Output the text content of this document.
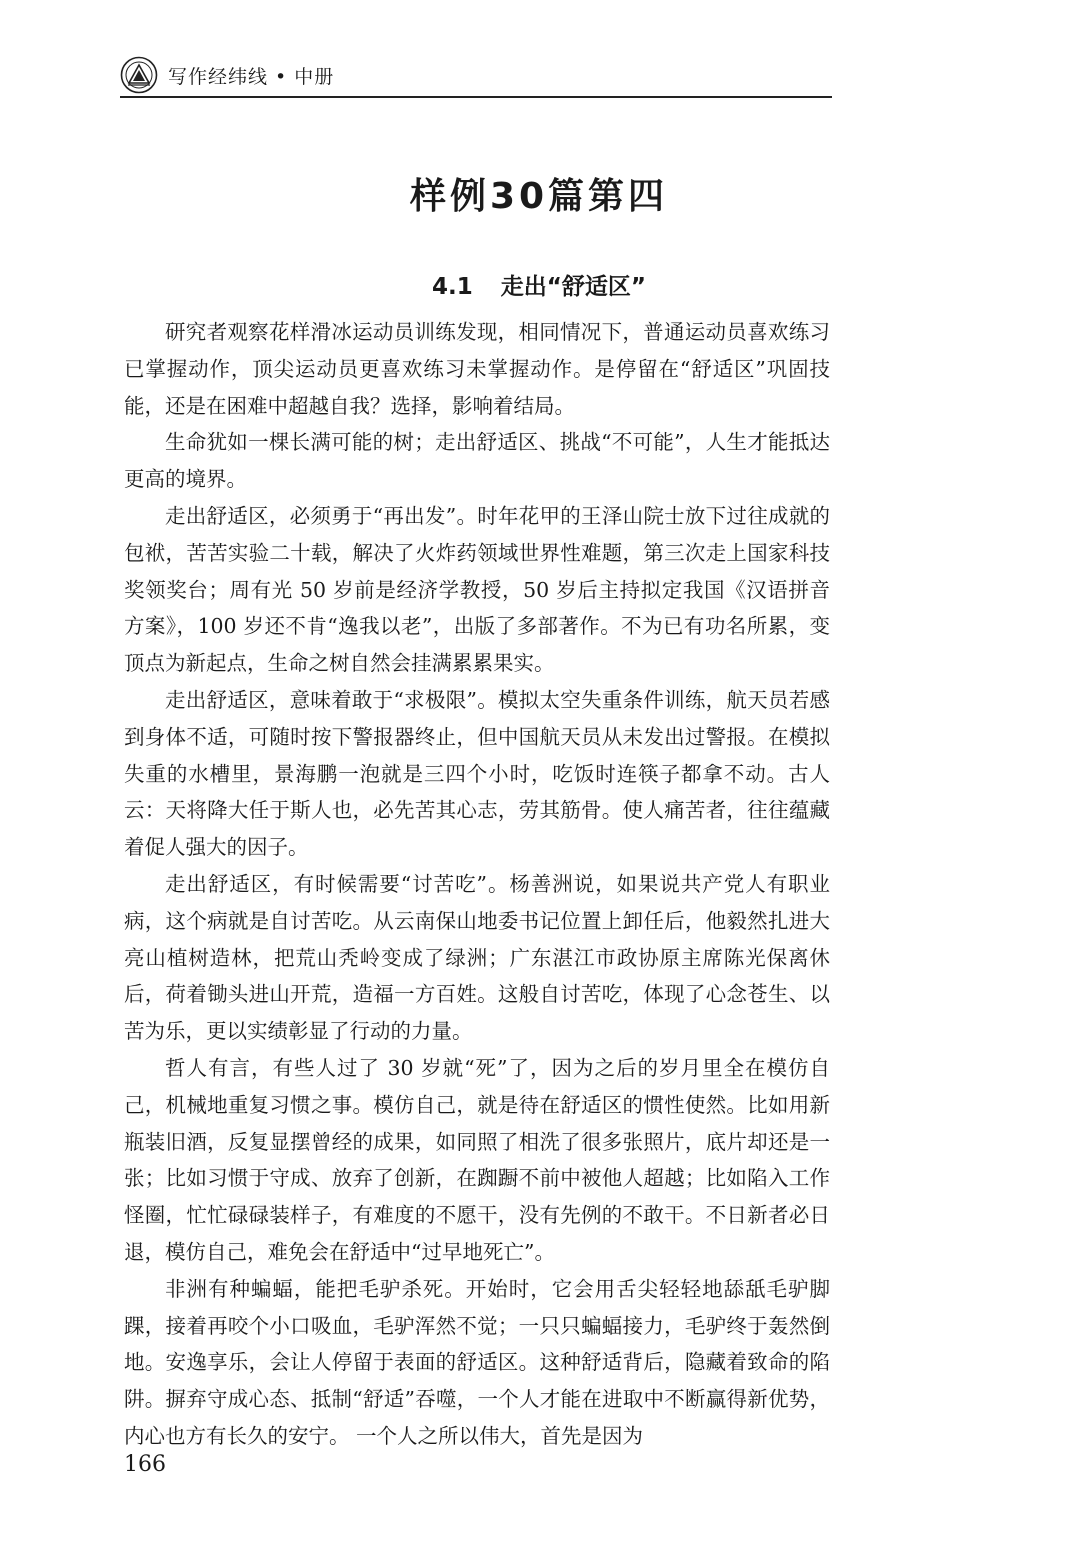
写作经纬线 • 中册
样例30篇第四
4.1 走出“舒适区”

研究者观察花样滑冰运动员训练发现，相同情况下，普通运动员喜欢练习已掌握动作，顶尖运动员更喜欢练习未掌握动作。是停留在“舒适区”巩固技能，还是在困难中超越自我？选择，影响着结局。

生命犹如一棵长满可能的树；走出舒适区、挑战“不可能”，人生才能抵达更高的境界。

走出舒适区，必须勇于“再出发”。时年花甲的王泽山院士放下过往成就的包袱，苦苦实验二十载，解决了火炸药领域世界性难题，第三次走上国家科技奖领奖台；周有光 50 岁前是经济学教授，50 岁后主持拟定我国《汉语拼音方案》，100 岁还不肯“逸我以老”，出版了多部著作。不为已有功名所累，变顶点为新起点，生命之树自然会挂满累累果实。

走出舒适区，意味着敢于“求极限”。模拟太空失重条件训练，航天员若感到身体不适，可随时按下警报器终止，但中国航天员从未发出过警报。在模拟失重的水槽里，景海鹏一泡就是三四个小时，吃饭时连筷子都拿不动。古人云：天将降大任于斯人也，必先苦其心志，劳其筋骨。使人痛苦者，往往蕴藏着促人强大的因子。

走出舒适区，有时候需要“讨苦吃”。杨善洲说，如果说共产党人有职业病，这个病就是自讨苦吃。从云南保山地委书记位置上卸任后，他毅然扎进大亮山植树造林，把荒山秃岭变成了绿洲；广东湛江市政协原主席陈光保离休后，荷着锄头进山开荒，造福一方百姓。这般自讨苦吃，体现了心念苍生、以苦为乐，更以实绩彰显了行动的力量。

哲人有言，有些人过了 30 岁就“死”了，因为之后的岁月里全在模仿自己，机械地重复习惯之事。模仿自己，就是待在舒适区的惯性使然。比如用新瓶装旧酒，反复显摆曾经的成果，如同照了相洗了很多张照片，底片却还是一张；比如习惯于守成、放弃了创新，在踟蹰不前中被他人超越；比如陷入工作怪圈，忙忙碌碌装样子，有难度的不愿干，没有先例的不敢干。不日新者必日退，模仿自己，难免会在舒适中“过早地死亡”。

非洲有种蝙蝠，能把毛驴杀死。开始时，它会用舌尖轻轻地舔舐毛驴脚踝，接着再咬个小口吸血，毛驴浑然不觉；一只只蝙蝠接力，毛驴终于轰然倒地。安逸享乐，会让人停留于表面的舒适区。这种舒适背后，隐藏着致命的陷阱。摒弃守成心态、抵制“舒适”吞噬，一个人才能在进取中不断赢得新优势，内心也方有长久的安宁。 一个人之所以伟大，首先是因为

166
